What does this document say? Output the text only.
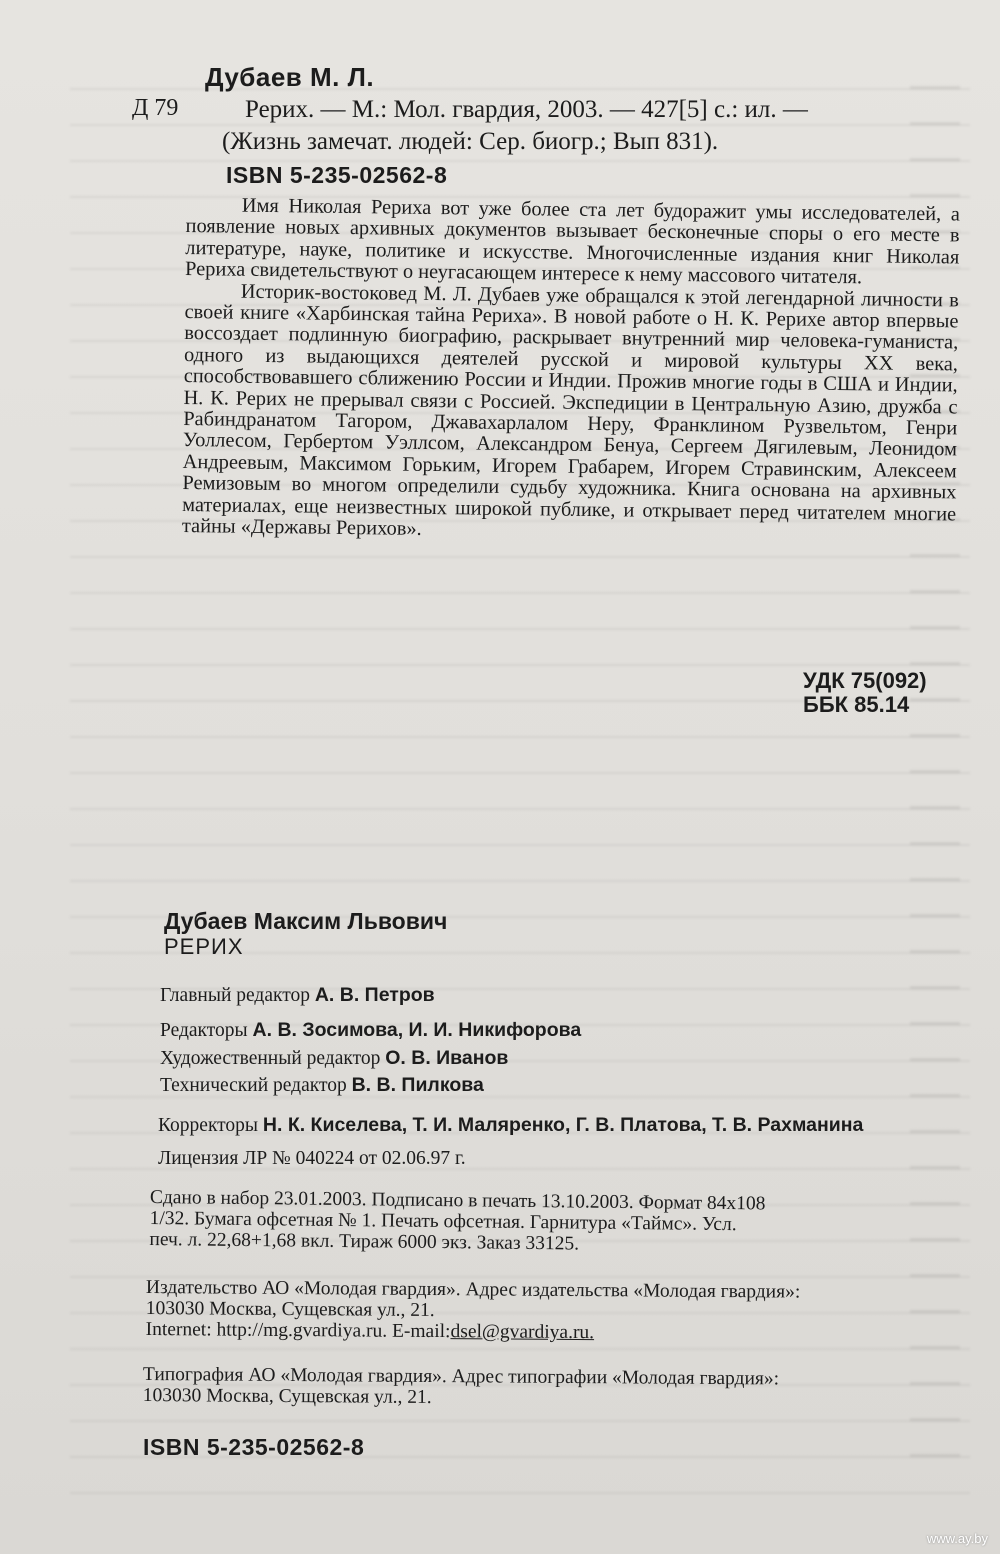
Дубаев М. Л.
Д 79	Рерих. — М.: Мол. гвардия, 2003. — 427[5] с.: ил. —
(Жизнь замечат. людей: Сер. биогр.; Вып 831).
ISBN 5-235-02562-8

Имя Николая Рериха вот уже более ста лет будоражит умы исследователей, а появление новых архивных документов вызывает бесконечные споры о его месте в литературе, науке, политике и искусстве. Многочисленные издания книг Николая Рериха свидетельствуют о неугасающем интересе к нему массового читателя.

Историк-востоковед М. Л. Дубаев уже обращался к этой легендарной личности в своей книге «Харбинская тайна Рериха». В новой работе о Н. К. Рерихе автор впервые воссоздает подлинную биографию, раскрывает внутренний мир человека-гуманиста, одного из выдающихся деятелей русской и мировой культуры XX века, способствовавшего сближению России и Индии. Прожив многие годы в США и Индии, Н. К. Рерих не прерывал связи с Россией. Экспедиции в Центральную Азию, дружба с Рабиндранатом Тагором, Джавахарлалом Неру, Франклином Рузвельтом, Генри Уоллесом, Гербертом Уэллсом, Александром Бенуа, Сергеем Дягилевым, Леонидом Андреевым, Максимом Горьким, Игорем Грабарем, Игорем Стравинским, Алексеем Ремизовым во многом определили судьбу художника. Книга основана на архивных материалах, еще неизвестных широкой публике, и открывает перед читателем многие тайны «Державы Рерихов».

УДК 75(092)
ББК 85.14
Дубаев Максим Львович
РЕРИХ
Главный редактор А. В. Петров
Редакторы А. В. Зосимова, И. И. Никифорова
Художественный редактор О. В. Иванов
Технический редактор В. В. Пилкова
Корректоры Н. К. Киселева, Т. И. Маляренко, Г. В. Платова, Т. В. Рахманина
Лицензия ЛР № 040224 от 02.06.97 г.
Сдано в набор 23.01.2003. Подписано в печать 13.10.2003. Формат 84x108
1/32. Бумага офсетная № 1. Печать офсетная. Гарнитура «Таймс». Усл.
печ. л. 22,68+1,68 вкл. Тираж 6000 экз. Заказ 33125.
Издательство АО «Молодая гвардия». Адрес издательства «Молодая гвардия»:
103030 Москва, Сущевская ул., 21.
Internet: http://mg.gvardiya.ru. E-mail:dsel@gvardiya.ru.
Типография АО «Молодая гвардия». Адрес типографии «Молодая гвардия»:
103030 Москва, Сущевская ул., 21.
ISBN 5-235-02562-8
www.ay.by
